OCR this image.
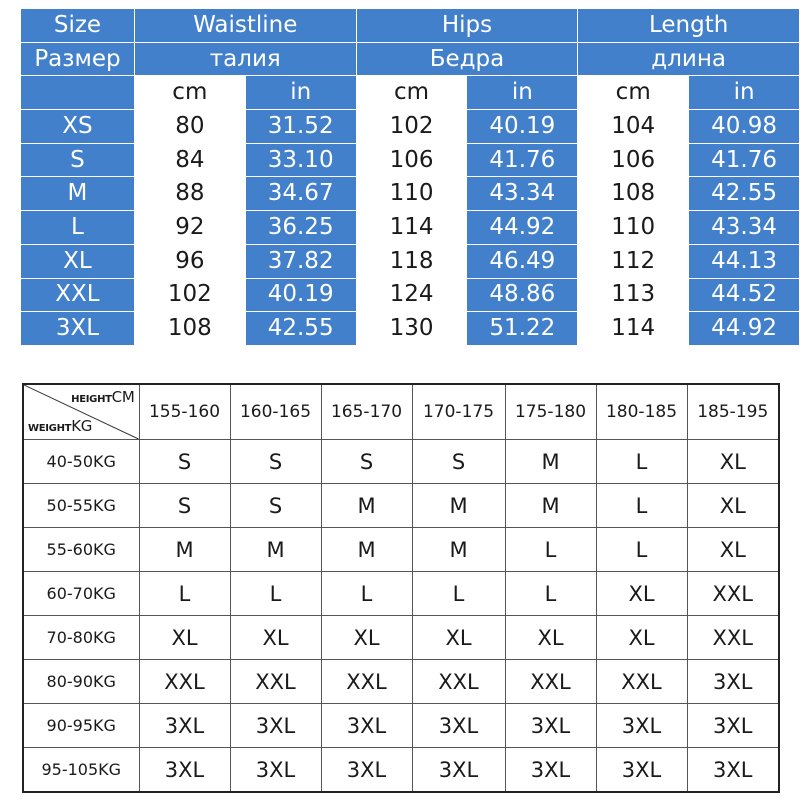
Size	Waistline		Hips		Length	
Размер	талия		Бедра		длина	
	cm	in	cm	in	cm	in
XS	80	31.52	102	40.19	104	40.98
S	84	33.10	106	41.76	106	41.76
M	88	34.67	110	43.34	108	42.55
L	92	36.25	114	44.92	110	43.34
XL	96	37.82	118	46.49	112	44.13
XXL	102	40.19	124	48.86	113	44.52
3XL	108	42.55	130	51.22	114	44.92
HEIGHTCM
WEIGHTKG	155-160	160-165	165-170	170-175	175-180	180-185	185-195
40-50KG	S	S	S	S	M	L	XL
50-55KG	S	S	M	M	M	L	XL
55-60KG	M	M	M	M	L	L	XL
60-70KG	L	L	L	L	L	XL	XXL
70-80KG	XL	XL	XL	XL	XL	XL	XXL
80-90KG	XXL	XXL	XXL	XXL	XXL	XXL	3XL
90-95KG	3XL	3XL	3XL	3XL	3XL	3XL	3XL
95-105KG	3XL	3XL	3XL	3XL	3XL	3XL	3XL
